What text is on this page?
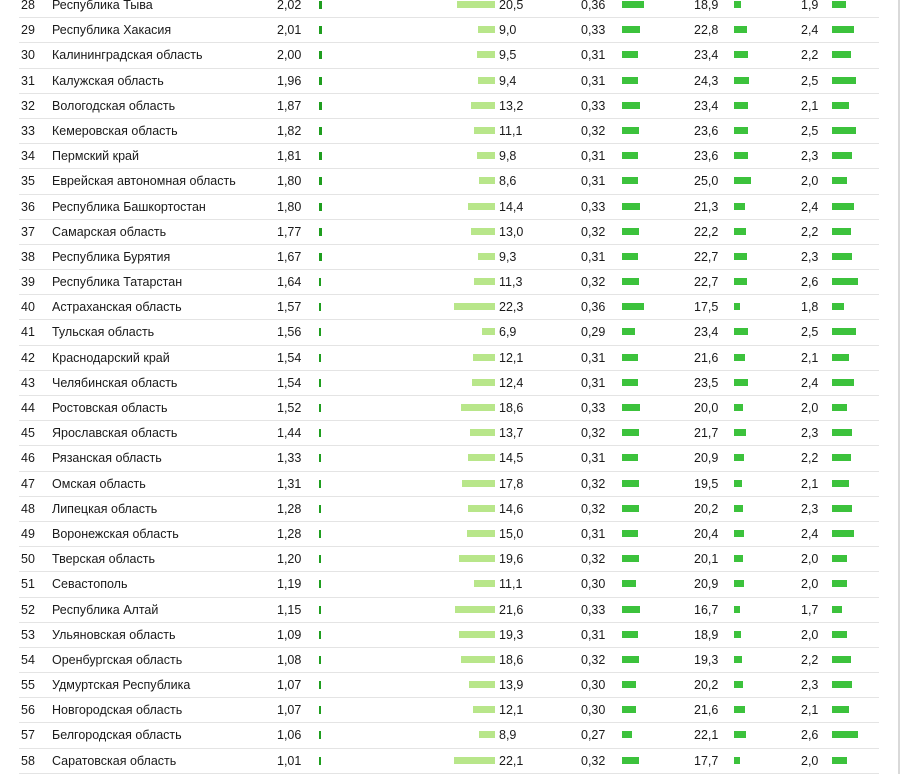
28	Республика Тыва	2,02	20,5	0,36	18,9	1,9
29	Республика Хакасия	2,01	9,0	0,33	22,8	2,4
30	Калининградская область	2,00	9,5	0,31	23,4	2,2
31	Калужская область	1,96	9,4	0,31	24,3	2,5
32	Вологодская область	1,87	13,2	0,33	23,4	2,1
33	Кемеровская область	1,82	11,1	0,32	23,6	2,5
34	Пермский край	1,81	9,8	0,31	23,6	2,3
35	Еврейская автономная область	1,80	8,6	0,31	25,0	2,0
36	Республика Башкортостан	1,80	14,4	0,33	21,3	2,4
37	Самарская область	1,77	13,0	0,32	22,2	2,2
38	Республика Бурятия	1,67	9,3	0,31	22,7	2,3
39	Республика Татарстан	1,64	11,3	0,32	22,7	2,6
40	Астраханская область	1,57	22,3	0,36	17,5	1,8
41	Тульская область	1,56	6,9	0,29	23,4	2,5
42	Краснодарский край	1,54	12,1	0,31	21,6	2,1
43	Челябинская область	1,54	12,4	0,31	23,5	2,4
44	Ростовская область	1,52	18,6	0,33	20,0	2,0
45	Ярославская область	1,44	13,7	0,32	21,7	2,3
46	Рязанская область	1,33	14,5	0,31	20,9	2,2
47	Омская область	1,31	17,8	0,32	19,5	2,1
48	Липецкая область	1,28	14,6	0,32	20,2	2,3
49	Воронежская область	1,28	15,0	0,31	20,4	2,4
50	Тверская область	1,20	19,6	0,32	20,1	2,0
51	Севастополь	1,19	11,1	0,30	20,9	2,0
52	Республика Алтай	1,15	21,6	0,33	16,7	1,7
53	Ульяновская область	1,09	19,3	0,31	18,9	2,0
54	Оренбургская область	1,08	18,6	0,32	19,3	2,2
55	Удмуртская Республика	1,07	13,9	0,30	20,2	2,3
56	Новгородская область	1,07	12,1	0,30	21,6	2,1
57	Белгородская область	1,06	8,9	0,27	22,1	2,6
58	Саратовская область	1,01	22,1	0,32	17,7	2,0
